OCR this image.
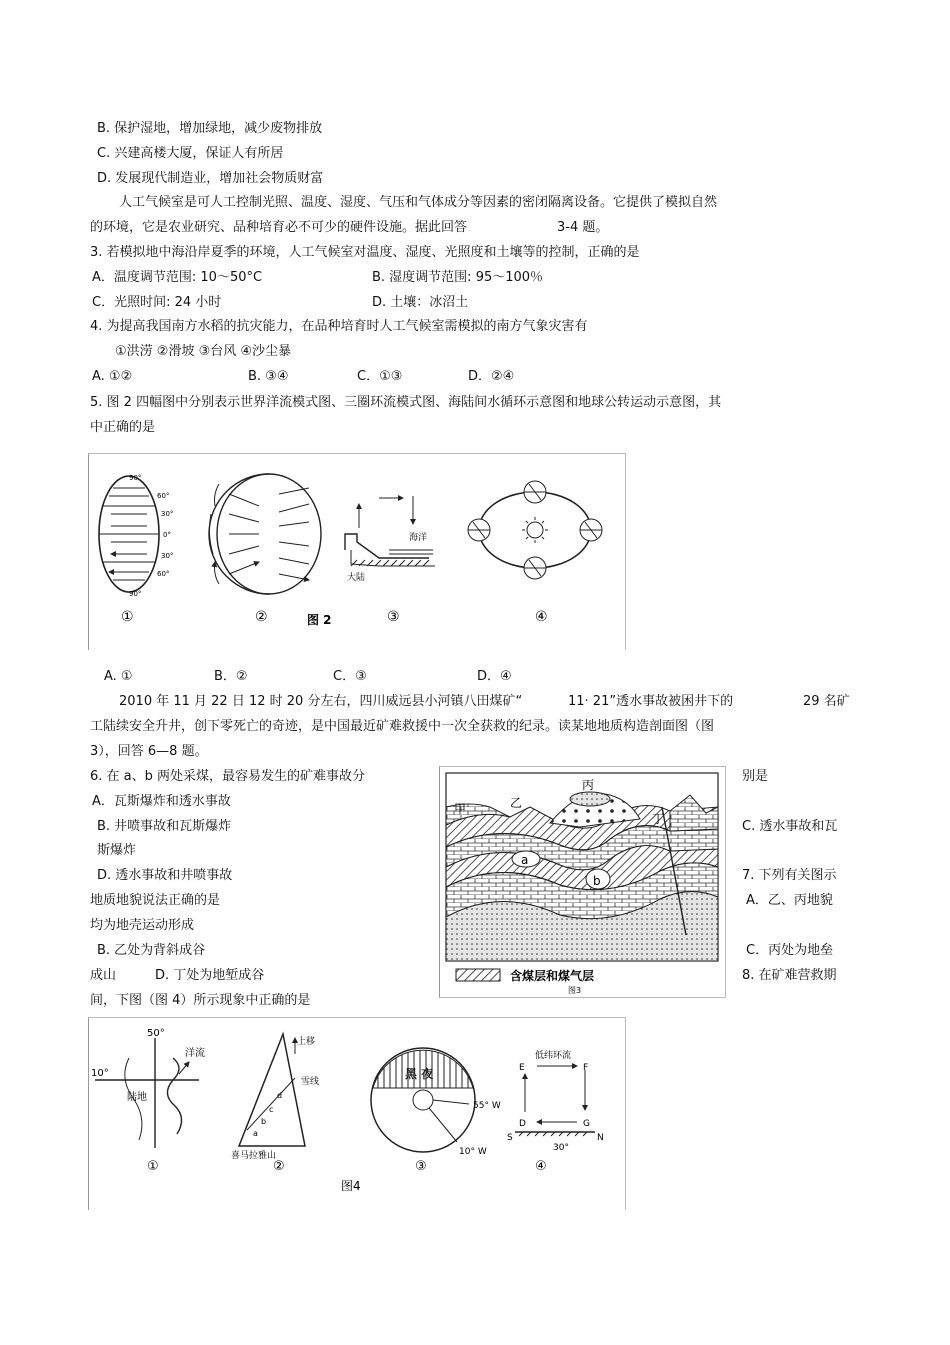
B. 保护湿地，增加绿地，减少废物排放
C. 兴建高楼大厦，保证人有所居
D. 发展现代制造业，增加社会物质财富
人工气候室是可人工控制光照、温度、湿度、气压和气体成分等因素的密闭隔离设备。它提供了模拟自然
的环境，它是农业研究、品种培育必不可少的硬件设施。据此回答	3-4 题。
3. 若模拟地中海沿岸夏季的环境，人工气候室对温度、湿度、光照度和土壤等的控制，正确的是
A．温度调节范围: 10～50°C	B. 湿度调节范围: 95～100％
C．光照时间: 24 小时	D. 土壤：冰沼土
4. 为提高我国南方水稻的抗灾能力，在品种培育时人工气候室需模拟的南方气象灾害有
①洪涝 ②滑坡 ③台风 ④沙尘暴
A. ①②	B. ③④	C．①③	D．②④
5. 图 2 四幅图中分别表示世界洋流模式图、三圈环流模式图、海陆间水循环示意图和地球公转运动示意图，其
中正确的是
90°
60°
30°
0°
30°
60°
90°
①	②
大陆
海洋
③
图 2	④
A. ①	B．②	C．③	D．④
2010 年 11 月 22 日 12 时 20 分左右，四川威远县小河镇八田煤矿“	11· 21”透水事故被困井下的	29 名矿
工陆续安全升井，创下零死亡的奇迹，是中国最近矿难救援中一次全获救的纪录。读某地地质构造剖面图（图
3），回答 6—8 题。
6. 在 a、b 两处采煤，最容易发生的矿难事故分	别是
A．瓦斯爆炸和透水事故
B. 井喷事故和瓦斯爆炸	C. 透水事故和瓦
斯爆炸
D. 透水事故和井喷事故	7. 下列有关图示
地质地貌说法正确的是	A．乙、丙地貌
均为地壳运动形成
B. 乙处为背斜成谷	C．丙处为地垒
成山	D. 丁处为地堑成谷	8. 在矿难营救期
间，下图（图 4）所示现象中正确的是
丙
甲	乙
丁
a
b
含煤层和煤气层
图3
50°
10°
洋流
陆地
①
上移
雪线
d
c
b
a
喜马拉雅山
②
黑 夜
55° W
10° W
③
图4
低纬环流
E	F
D	G
S	N
30°
④
